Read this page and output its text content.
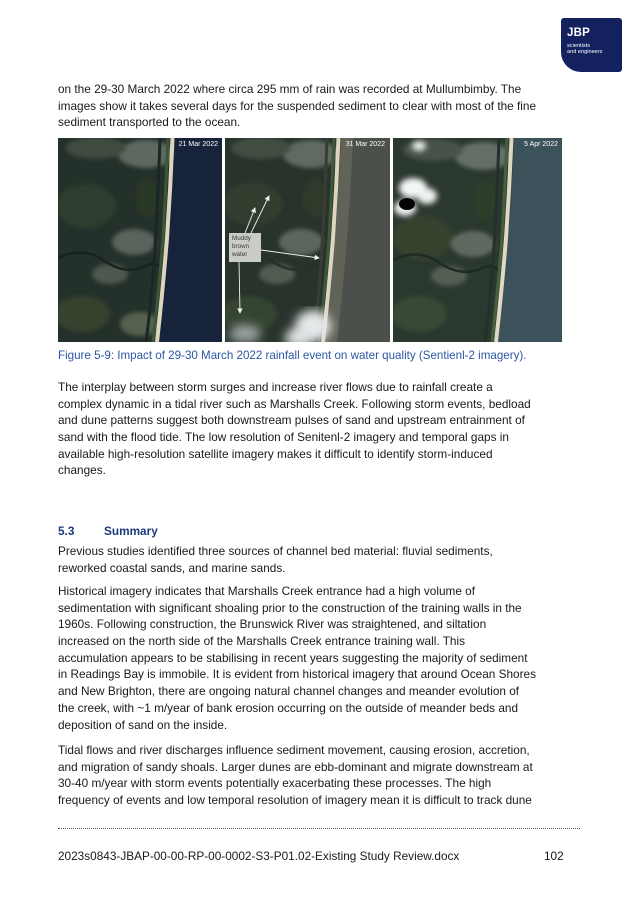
JBP
scientists
and engineers
on the 29-30 March 2022 where circa 295 mm of rain was recorded at Mullumbimby. The
images show it takes several days for the suspended sediment to clear with most of the fine
sediment transported to the ocean.
21 Mar 2022	31 Mar 2022
Muddy
brown
water
5 Apr 2022
Figure 5-9: Impact of 29-30 March 2022 rainfall event on water quality (Sentienl-2 imagery).
The interplay between storm surges and increase river flows due to rainfall create a
complex dynamic in a tidal river such as Marshalls Creek. Following storm events, bedload
and dune patterns suggest both downstream pulses of sand and upstream entrainment of
sand with the flood tide. The low resolution of Senitenl-2 imagery and temporal gaps in
available high-resolution satellite imagery makes it difficult to identify storm-induced
changes.
5.3	Summary
Previous studies identified three sources of channel bed material: fluvial sediments,
reworked coastal sands, and marine sands.
Historical imagery indicates that Marshalls Creek entrance had a high volume of
sedimentation with significant shoaling prior to the construction of the training walls in the
1960s. Following construction, the Brunswick River was straightened, and siltation
increased on the north side of the Marshalls Creek entrance training wall. This
accumulation appears to be stabilising in recent years suggesting the majority of sediment
in Readings Bay is immobile. It is evident from historical imagery that around Ocean Shores
and New Brighton, there are ongoing natural channel changes and meander evolution of
the creek, with ~1 m/year of bank erosion occurring on the outside of meander beds and
deposition of sand on the inside.
Tidal flows and river discharges influence sediment movement, causing erosion, accretion,
and migration of sandy shoals. Larger dunes are ebb-dominant and migrate downstream at
30-40 m/year with storm events potentially exacerbating these processes. The high
frequency of events and low temporal resolution of imagery mean it is difficult to track dune
2023s0843-JBAP-00-00-RP-00-0002-S3-P01.02-Existing Study Review.docx	102
